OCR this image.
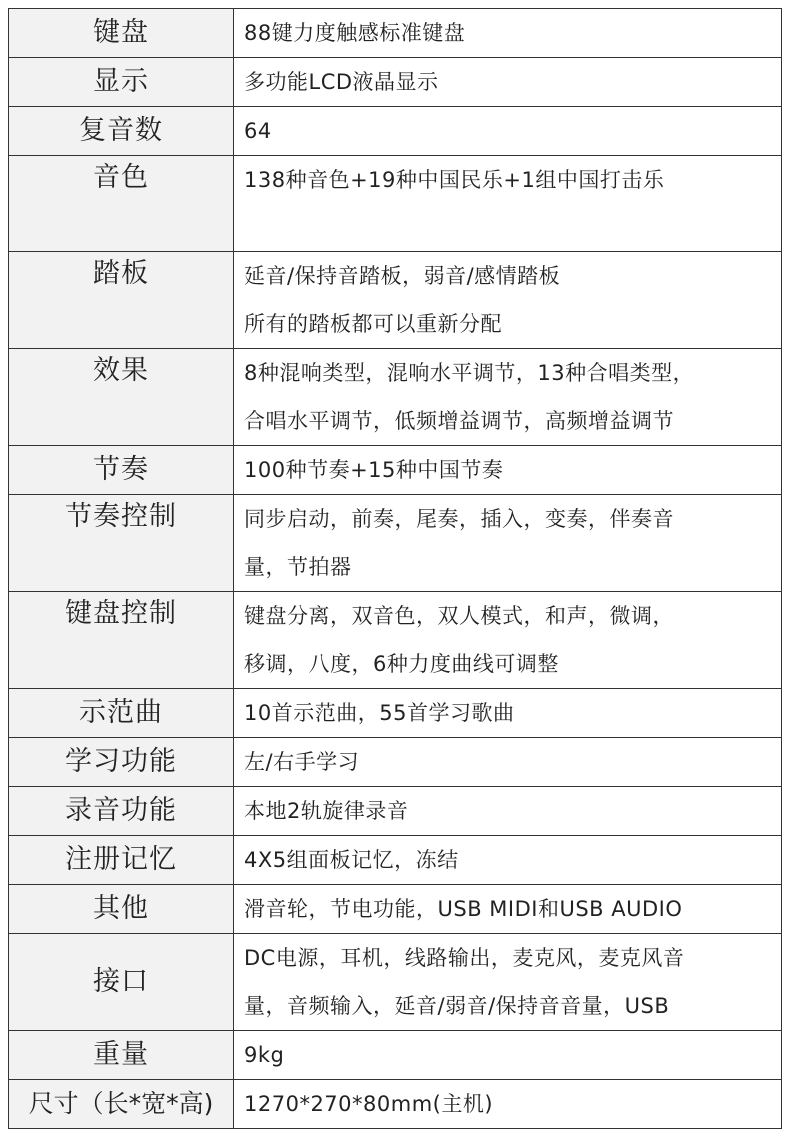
键盘	88键力度触感标准键盘

显示	多功能LCD液晶显示

复音数	64

音色	138种音色+19种中国民乐+1组中国打击乐

踏板	延音/保持音踏板，弱音/感情踏板
所有的踏板都可以重新分配

效果	8种混响类型，混响水平调节，13种合唱类型，
合唱水平调节，低频增益调节，高频增益调节

节奏	100种节奏+15种中国节奏

节奏控制	同步启动，前奏，尾奏，插入，变奏，伴奏音
量，节拍器

键盘控制	键盘分离，双音色，双人模式，和声，微调，
移调，八度，6种力度曲线可调整

示范曲	10首示范曲，55首学习歌曲

学习功能	左/右手学习

录音功能	本地2轨旋律录音

注册记忆	4X5组面板记忆，冻结

其他	滑音轮，节电功能，USB MIDI和USB AUDIO

接口	DC电源，耳机，线路输出，麦克风，麦克风音
量，音频输入，延音/弱音/保持音音量，USB

重量	9kg

尺寸（长*宽*高)	1270*270*80mm(主机)
